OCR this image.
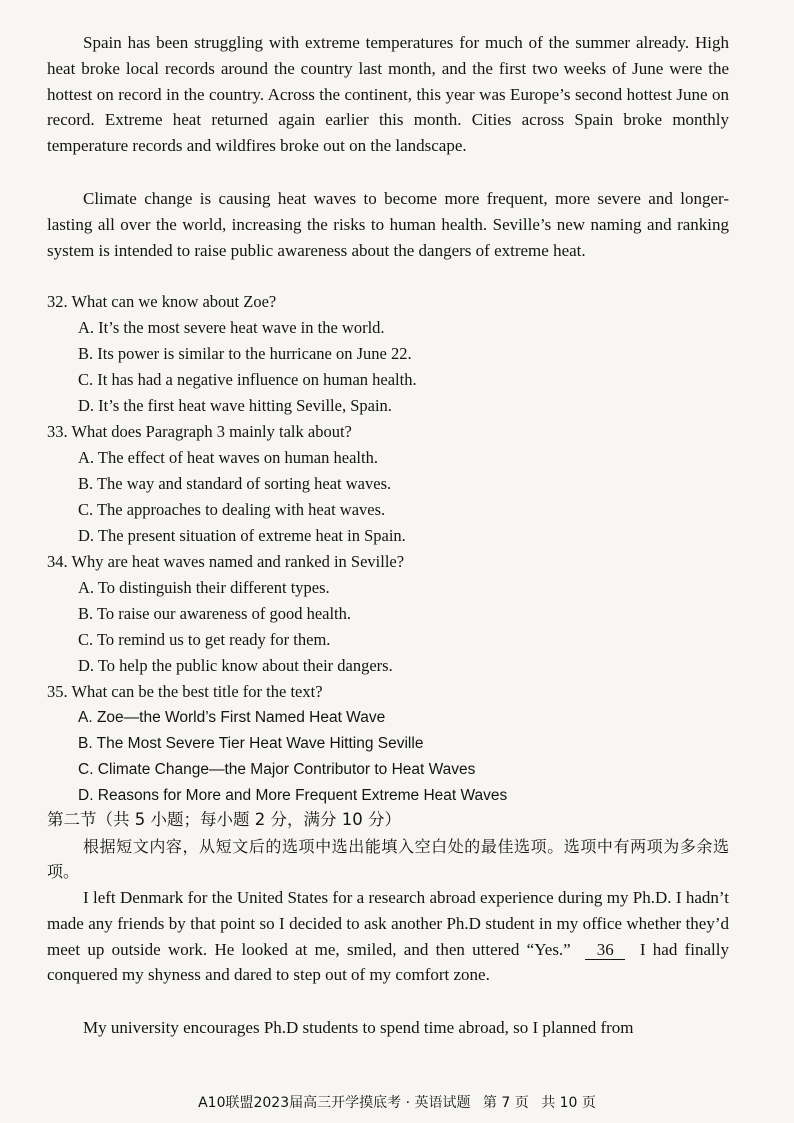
Spain has been struggling with extreme temperatures for much of the summer already. High heat broke local records around the country last month, and the first two weeks of June were the hottest on record in the country. Across the continent, this year was Europe’s second hottest June on record. Extreme heat returned again earlier this month. Cities across Spain broke monthly temperature records and wildfires broke out on the landscape.
Climate change is causing heat waves to become more frequent, more severe and longer-lasting all over the world, increasing the risks to human health. Seville’s new naming and ranking system is intended to raise public awareness about the dangers of extreme heat.
32. What can we know about Zoe?
A. It’s the most severe heat wave in the world.
B. Its power is similar to the hurricane on June 22.
C. It has had a negative influence on human health.
D. It’s the first heat wave hitting Seville, Spain.
33. What does Paragraph 3 mainly talk about?
A. The effect of heat waves on human health.
B. The way and standard of sorting heat waves.
C. The approaches to dealing with heat waves.
D. The present situation of extreme heat in Spain.
34. Why are heat waves named and ranked in Seville?
A. To distinguish their different types.
B. To raise our awareness of good health.
C. To remind us to get ready for them.
D. To help the public know about their dangers.
35. What can be the best title for the text?
A. Zoe—the World’s First Named Heat Wave
B. The Most Severe Tier Heat Wave Hitting Seville
C. Climate Change—the Major Contributor to Heat Waves
D. Reasons for More and More Frequent Extreme Heat Waves
第二节（共 5 小题；每小题 2 分，满分 10 分）
根据短文内容，从短文后的选项中选出能填入空白处的最佳选项。选项中有两项为多余选项。
I left Denmark for the United States for a research abroad experience during my Ph.D. I hadn’t made any friends by that point so I decided to ask another Ph.D student in my office whether they’d meet up outside work. He looked at me, smiled, and then uttered “Yes.” 36 I had finally conquered my shyness and dared to step out of my comfort zone.
My university encourages Ph.D students to spend time abroad, so I planned from
A10联盟2023届高三开学摸底考 · 英语试题 第 7 页 共 10 页
